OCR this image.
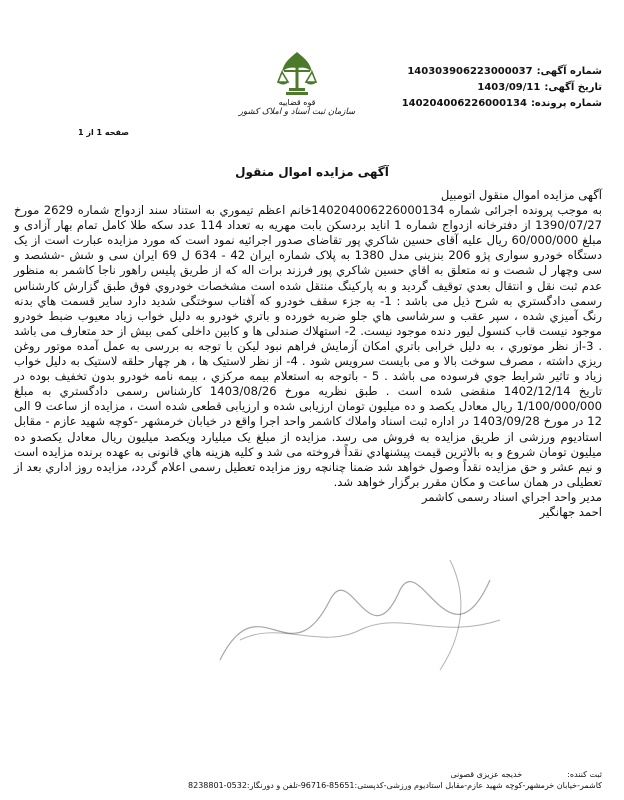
قوه قضاییه
سازمان ثبت اسناد و املاک کشور
شماره آگهی:
140303906223000037
تاریخ آگهی:
1403/09/11
شماره پرونده:
140204006226000134
صفحه 1 از 1
آگهی مزایده اموال منقول

آگهی مزایده اموال منقول اتومبیل

به موجب پرونده اجرائی شماره 140204006226000134خانم اعظم تیموري به استناد سند ازدواج شماره 2629 مورخ 1390/07/27 از دفترخانه ازدواج شماره 1 اناید بردسکن بابت مهریه به تعداد 114 عدد سکه طلا کامل تمام بهار آزادی و مبلغ 60/000/000 ریال علیه آقای حسین شاکري پور تقاضای صدور اجرائیه نمود است که مورد مزایده عبارت است از یک دستگاه خودرو سواری پژو 206 بنزینی مدل 1380 به پلاک شماره ایران 42 - 634 ل 69 ایران سی و شش -ششصد و سی وچهار ل شصت و نه متعلق به اقاي حسین شاکري پور فرزند برات اله که از طریق پلیس راهور ناجا کاشمر به منظور عدم ثبت نقل و انتقال بعدي توقیف گردید و به پارکینگ منتقل شده است مشخصات خودروي فوق طبق گزارش کارشناس رسمی دادگستري به شرح ذیل می باشد : 1- به جزء سقف خودرو که آفتاب سوختگی شدید دارد سایر قسمت هاي بدنه رنگ آمیزي شده ، سپر عقب و سرشاسی هاي جلو ضربه خورده و باتري خودرو به دلیل خواب زیاد معیوب ضبط خودرو موجود نیست قاب کنسول لیور دنده موجود نیست. 2- استهلاك صندلی ها و کابین داخلی کمی بیش از حد متعارف می باشد . 3-از نظر موتوري ، به دلیل خرابی باتري امکان آزمایش فراهم نبود لیکن با توجه به بررسی به عمل آمده موتور روغن ریزي داشته ، مصرف سوخت بالا و می بایست سرویس شود . 4- از نظر لاستیک ها ، هر چهار حلقه لاستیک به دلیل خواب زیاد و تاثیر شرایط جوي فرسوده می باشد . 5 - باتوجه به استعلام بیمه مرکزي ، بیمه نامه خودرو بدون تخفیف بوده در تاریخ 1402/12/14 منقضی شده است . طبق نظریه مورخ 1403/08/26 کارشناس رسمی دادگستري به مبلغ 1/100/000/000 ریال معادل یکصد و ده میلیون تومان ارزیابی شده و ارزیابی قطعی شده است ، مزایده از ساعت 9 الی 12 در مورخ 1403/09/28 در اداره ثبت اسناد واملاك کاشمر واحد اجرا واقع در خیابان خرمشهر -کوچه شهید عازم - مقابل استادیوم ورزشی از طریق مزایده به فروش می رسد. مزایده از مبلغ یک میلیارد ویکصد میلیون ریال معادل یکصدو ده میلیون تومان شروع و به بالاترین قیمت پیشنهادي نقداً فروخته می شد و کلیه هزینه هاي قانونی به عهده برنده مزایده است و نیم عشر و حق مزایده نقداً وصول خواهد شد ضمنا چنانچه روز مزایده تعطیل رسمی اعلام گردد، مزایده روز اداري بعد از تعطیلی در همان ساعت و مکان مقرر برگزار خواهد شد.

مدیر واحد اجراي اسناد رسمی کاشمر

احمد جهانگیر

ثبت کننده:  خدیجه عزیزی قصونی
کاشمر-خیابان خرمشهر-کوچه شهید عازم-مقابل استادیوم ورزشی-کدپستی:85651-96716-تلفن و دورنگار:0532-8238801
